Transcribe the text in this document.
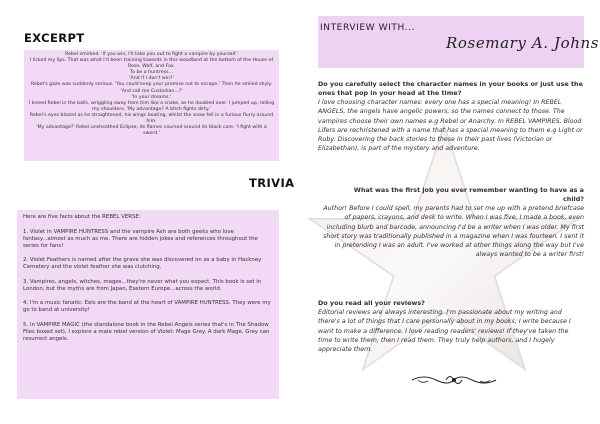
EXCERPT

Rebel smirked. 'If you win, I'll take you out to fight a vampire by yourself.'

I licked my lips. That was what I'd been training towards in this woodland at the bottom of the House of Rose, Wolf, and Fox.

To be a huntress...

'And if I don't win?'

Rebel's gaze was suddenly serious. 'You could keep your promise not to escape.' Then he smiled shyly. 'And call me Custodian...?'

'In your dreams.'

I kneed Rebel in the balls, wriggling away from him like a snake, as he doubled over. I jumped up, rolling my shoulders. 'My advantage? A bitch fights dirty.'

Rebel's eyes blazed as he straightened, his wings beating, whilst the snow fell in a furious flurry around him.

'My advantage?' Rebel unsheathed Eclipse; its flames coursed around its black core. 'I fight with a sword.'

TRIVIA

Here are five facts about the REBEL VERSE:

1. Violet in VAMPIRE HUNTRESS and the vampire Ash are both geeks who love fantasy...almost as much as me. There are hidden jokes and references throughout the series for fans!

2. Violet Feathers is named after the grave she was discovered on as a baby in Hackney Cemetery and the violet feather she was clutching.

3. Vampires, angels, witches, mages...they're never what you expect. This book is set in London, but the myths are from Japan, Eastern Europe...across the world.

4. I'm a music fanatic: Eels are the band at the heart of VAMPIRE HUNTRESS. They were my go to band at university!

5. In VAMPIRE MAGIC (the standalone book in the Rebel Angels series that's in The Shadow Files boxed set), I explore a male rebel version of Violet: Mage Grey. A dark Mage, Grey can resurrect angels.

INTERVIEW WITH...
Rosemary A. Johns

Do you carefully select the character names in your books or just use the ones that pop in your head at the time?

I love choosing character names: every one has a special meaning! In REBEL ANGELS, the angels have angelic powers, so the names connect to those. The vampires choose their own names e.g Rebel or Anarchy. In REBEL VAMPIRES, Blood Lifers are rechristened with a name that has a special meaning to them e.g Light or Ruby. Discovering the back stories to these in their past lives (Victorian or Elizabethan), is part of the mystery and adventure.

What was the first job you ever remember wanting to have as a child?

Author! Before I could spell, my parents had to set me up with a pretend briefcase of papers, crayons, and desk to write. When I was five, I made a book, even including blurb and barcode, announcing I'd be a writer when I was older. My first short story was traditionally published in a magazine when I was fourteen. I sent it in pretending I was an adult. I've worked at other things along the way but I've always wanted to be a writer first!

Do you read all your reviews?

Editorial reviews are always interesting. I'm passionate about my writing and there's a lot of things that I care personally about in my books; I write because I want to make a difference. I love reading readers' reviews! If they've taken the time to write them, then I read them. They truly help authors, and I hugely appreciate them.
